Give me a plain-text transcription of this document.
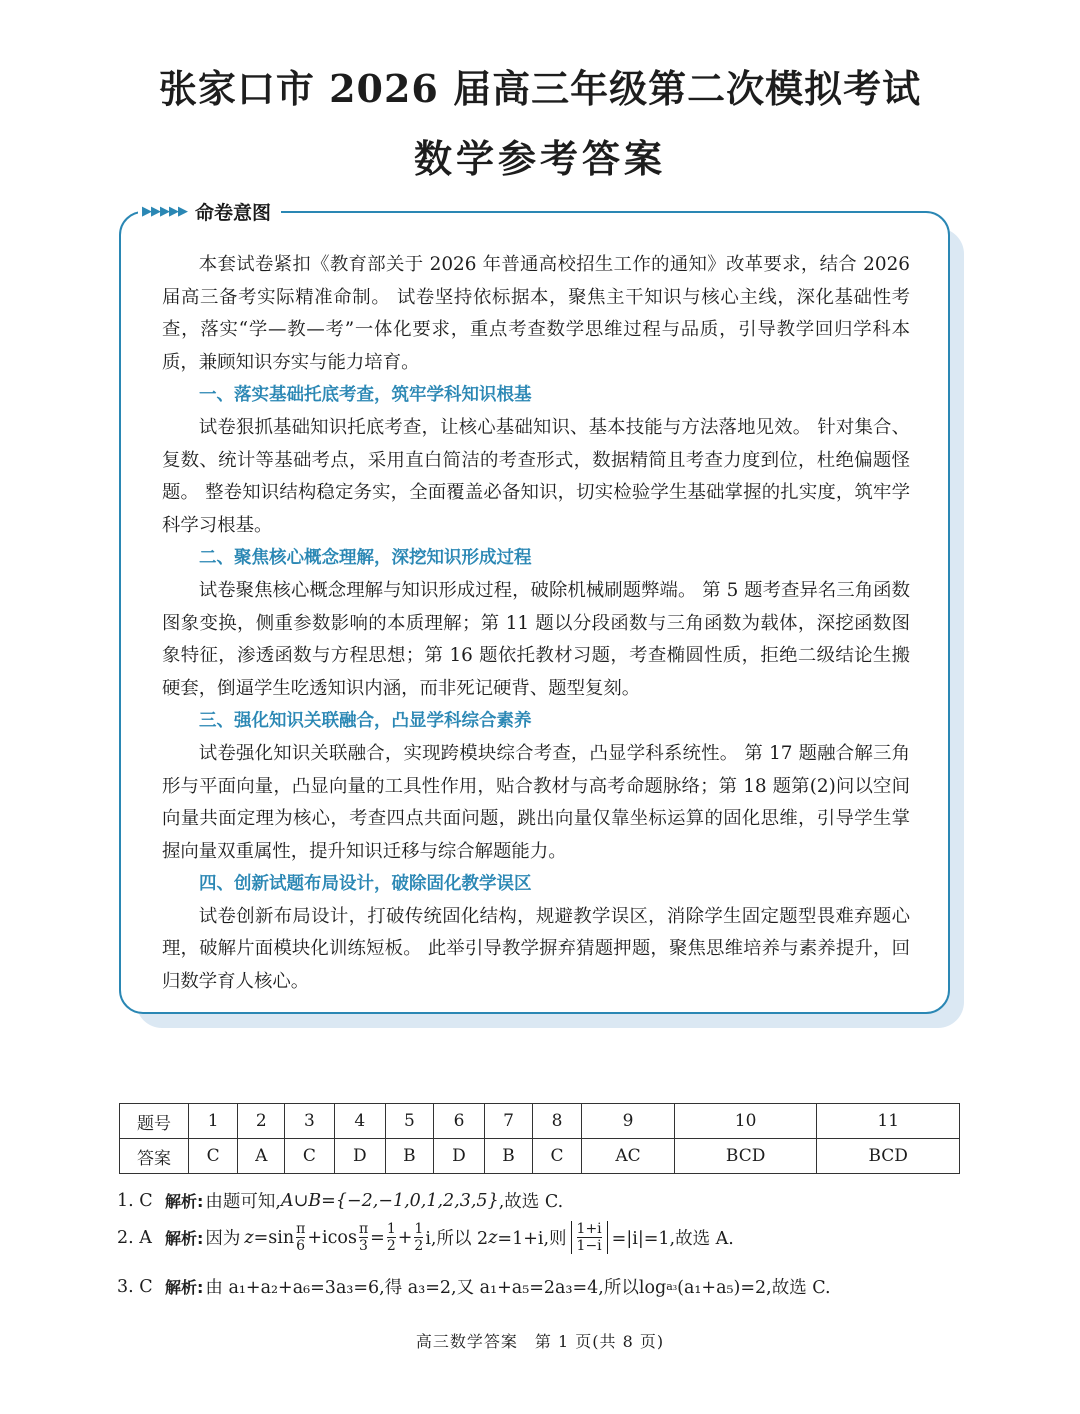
张家口市 2026 届高三年级第二次模拟考试
数学参考答案
▶▶▶▶▶ 命卷意图

本套试卷紧扣《教育部关于 2026 年普通高校招生工作的通知》改革要求，结合 2026 届高三备考实际精准命制。 试卷坚持依标据本，聚焦主干知识与核心主线，深化基础性考查，落实“学—教—考”一体化要求，重点考查数学思维过程与品质，引导教学回归学科本质，兼顾知识夯实与能力培育。

一、落实基础托底考查，筑牢学科知识根基

试卷狠抓基础知识托底考查，让核心基础知识、基本技能与方法落地见效。 针对集合、复数、统计等基础考点，采用直白简洁的考查形式，数据精简且考查力度到位，杜绝偏题怪题。 整卷知识结构稳定务实，全面覆盖必备知识，切实检验学生基础掌握的扎实度，筑牢学科学习根基。

二、聚焦核心概念理解，深挖知识形成过程

试卷聚焦核心概念理解与知识形成过程，破除机械刷题弊端。 第 5 题考查异名三角函数图象变换，侧重参数影响的本质理解；第 11 题以分段函数与三角函数为载体，深挖函数图象特征，渗透函数与方程思想；第 16 题依托教材习题，考查椭圆性质，拒绝二级结论生搬硬套，倒逼学生吃透知识内涵，而非死记硬背、题型复刻。

三、强化知识关联融合，凸显学科综合素养

试卷强化知识关联融合，实现跨模块综合考查，凸显学科系统性。 第 17 题融合解三角形与平面向量，凸显向量的工具性作用，贴合教材与高考命题脉络；第 18 题第(2)问以空间向量共面定理为核心，考查四点共面问题，跳出向量仅靠坐标运算的固化思维，引导学生掌握向量双重属性，提升知识迁移与综合解题能力。

四、创新试题布局设计，破除固化教学误区

试卷创新布局设计，打破传统固化结构，规避教学误区，消除学生固定题型畏难弃题心理，破解片面模块化训练短板。 此举引导教学摒弃猜题押题，聚焦思维培养与素养提升，回归数学育人核心。

题号	1	2	3	4	5	6	7	8	9	10	11
答案	C	A	C	D	B	D	B	C	AC	BCD	BCD
1. C 解析: 由题可知, A∪B={−2,−1,0,1,2,3,5} ,故选 C.
2. A 解析: 因为 $z =\sin \frac{\pi}{6} +icos \frac{\pi}{3} = \frac{1}{2} + \frac{1}{2} i$,所以 2 z =1+i,则 $\frac{1+i}{1-i} =|i|=1$,故选 A.
3. C 解析: 由 a₁+a₂+a₆=3a₃=6,得 a₃=2,又 a₁+a₅=2a₃=4,所以log a₃ (a₁+a₅)=2,故选 C.
高三数学答案　第 1 页(共 8 页)
